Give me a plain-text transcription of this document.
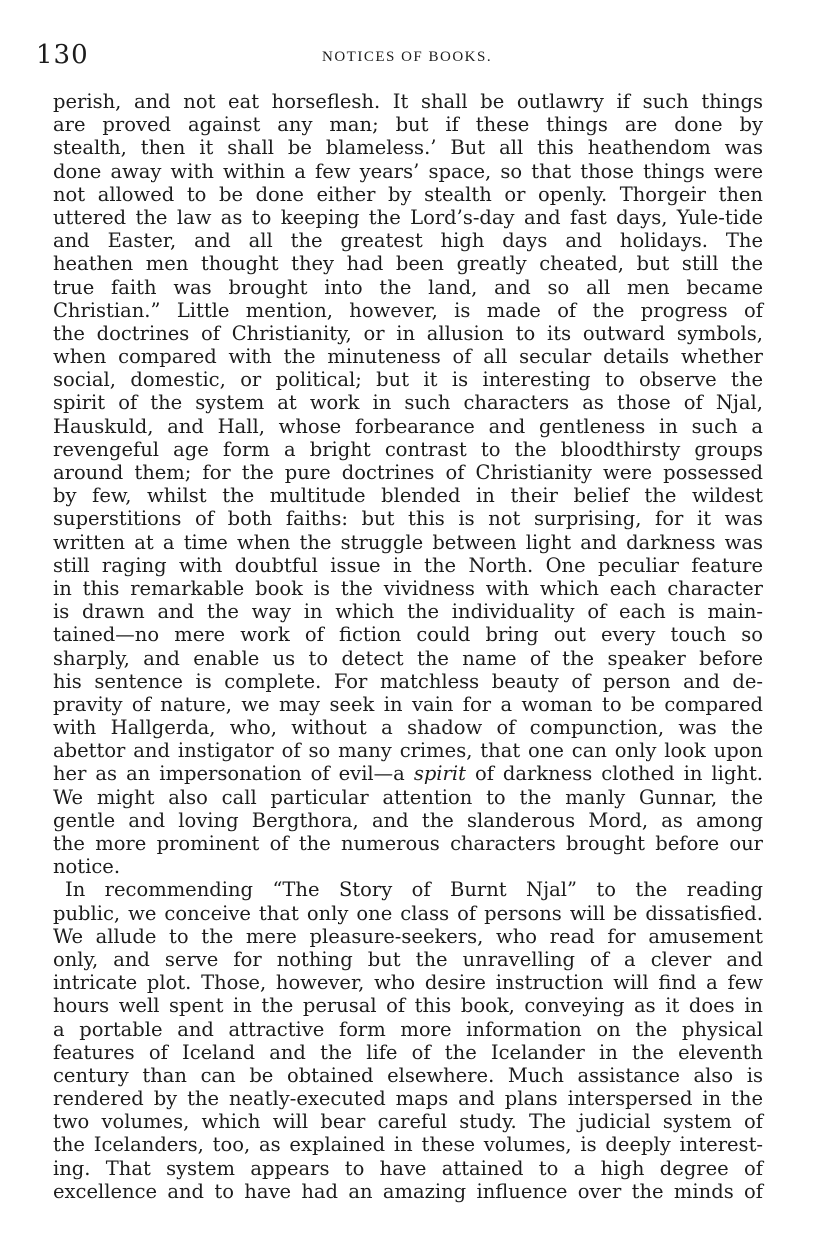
130	NOTICES OF BOOKS.
perish, and not eat horseflesh. It shall be outlawry if such things
are proved against any man; but if these things are done by
stealth, then it shall be blameless.’ But all this heathendom was
done away with within a few years’ space, so that those things were
not allowed to be done either by stealth or openly. Thorgeir then
uttered the law as to keeping the Lord’s-day and fast days, Yule-tide
and Easter, and all the greatest high days and holidays. The
heathen men thought they had been greatly cheated, but still the
true faith was brought into the land, and so all men became
Christian.” Little mention, however, is made of the progress of
the doctrines of Christianity, or in allusion to its outward symbols,
when compared with the minuteness of all secular details whether
social, domestic, or political; but it is interesting to observe the
spirit of the system at work in such characters as those of Njal,
Hauskuld, and Hall, whose forbearance and gentleness in such a
revengeful age form a bright contrast to the bloodthirsty groups
around them; for the pure doctrines of Christianity were possessed
by few, whilst the multitude blended in their belief the wildest
superstitions of both faiths: but this is not surprising, for it was
written at a time when the struggle between light and darkness was
still raging with doubtful issue in the North. One peculiar feature
in this remarkable book is the vividness with which each character
is drawn and the way in which the individuality of each is main-
tained—no mere work of fiction could bring out every touch so
sharply, and enable us to detect the name of the speaker before
his sentence is complete. For matchless beauty of person and de-
pravity of nature, we may seek in vain for a woman to be compared
with Hallgerda, who, without a shadow of compunction, was the
abettor and instigator of so many crimes, that one can only look upon
her as an impersonation of evil—a spirit of darkness clothed in light.
We might also call particular attention to the manly Gunnar, the
gentle and loving Bergthora, and the slanderous Mord, as among
the more prominent of the numerous characters brought before our
notice.
In recommending “The Story of Burnt Njal” to the reading
public, we conceive that only one class of persons will be dissatisfied.
We allude to the mere pleasure-seekers, who read for amusement
only, and serve for nothing but the unravelling of a clever and
intricate plot. Those, however, who desire instruction will find a few
hours well spent in the perusal of this book, conveying as it does in
a portable and attractive form more information on the physical
features of Iceland and the life of the Icelander in the eleventh
century than can be obtained elsewhere. Much assistance also is
rendered by the neatly-executed maps and plans interspersed in the
two volumes, which will bear careful study. The judicial system of
the Icelanders, too, as explained in these volumes, is deeply interest-
ing. That system appears to have attained to a high degree of
excellence and to have had an amazing influence over the minds of
